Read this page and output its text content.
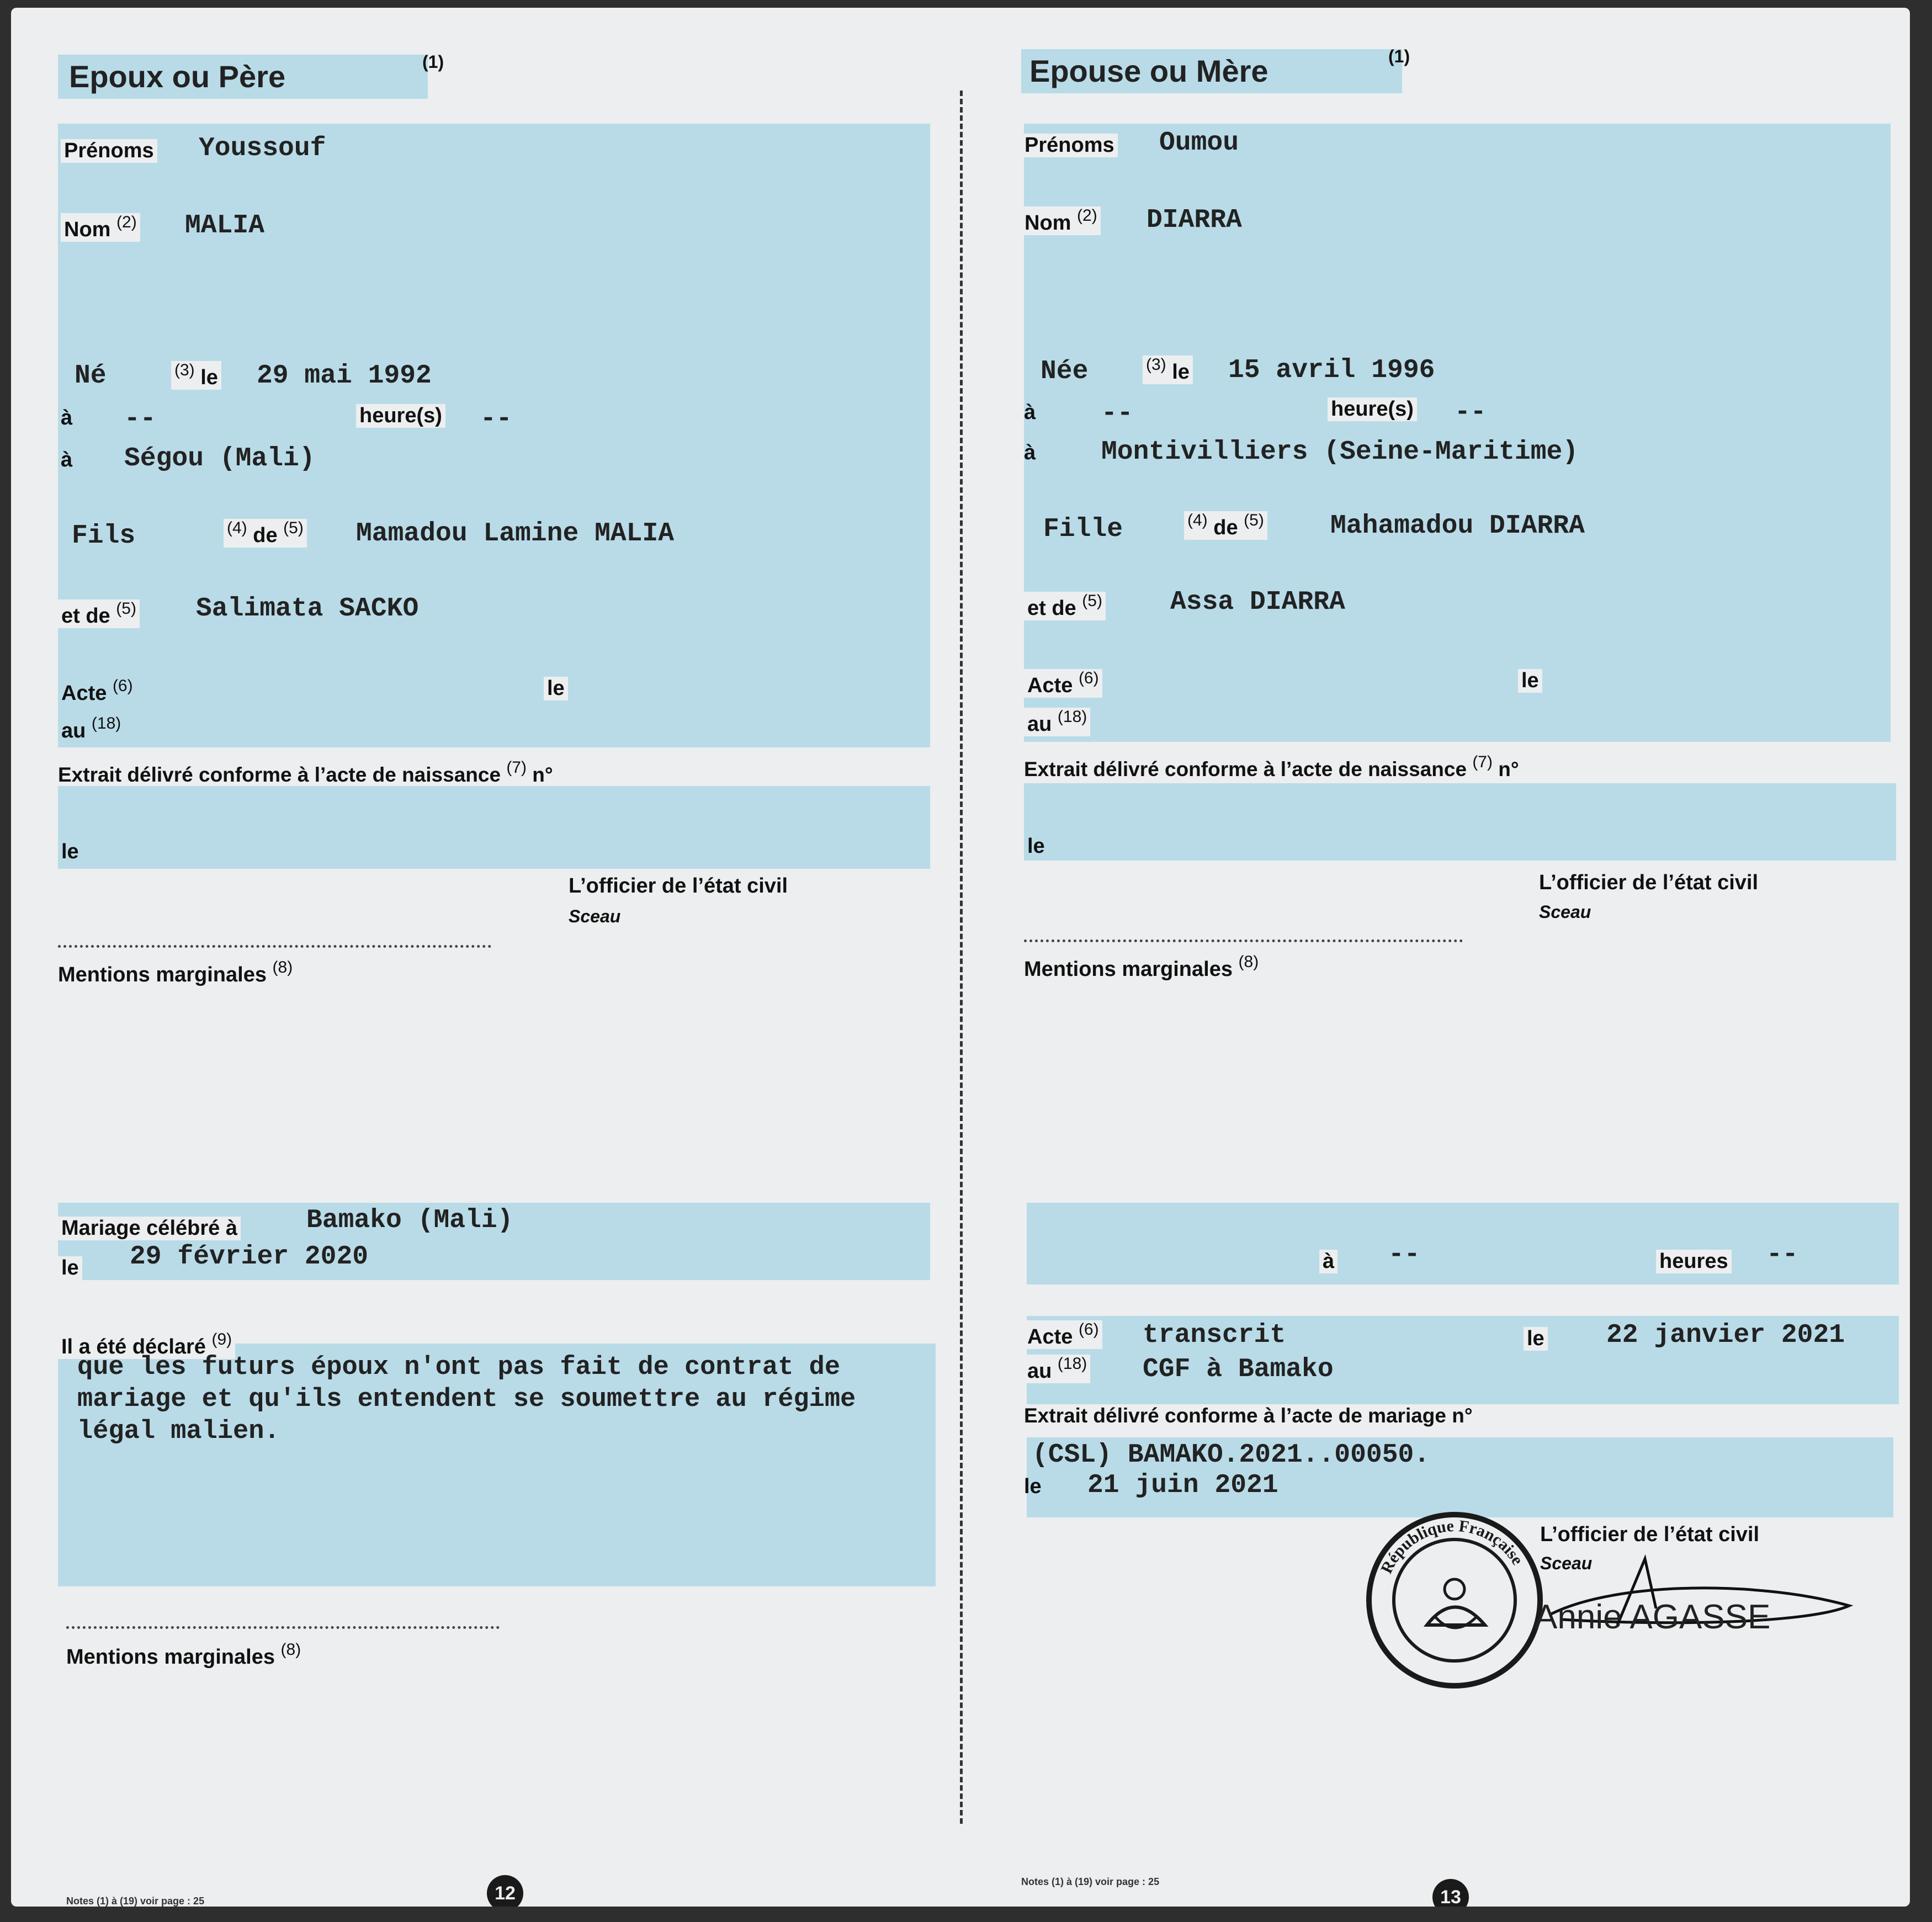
Epoux ou Père	(1)
Prénoms Youssouf
Nom $^{(2)}$ MALIA
Né	$^{(3)}$ le 29 mai 1992
à --	heure(s) --
à Ségou (Mali)
Fils	$^{(4)}$ de $^{(5)}$ Mamadou Lamine MALIA
et de $^{(5)}$ Salimata SACKO
Acte $^{(6)}$	le
au $^{(18)}$
Extrait délivré conforme à l’acte de naissance $^{(7)}$ n°
le
L’officier de l’état civil
Sceau
Mentions marginales $^{(8)}$
Mariage célébré à	Bamako (Mali)
le 29 février 2020
Il a été déclaré $^{(9)}$
que les futurs époux n'ont pas fait de contrat de
mariage et qu'ils entendent se soumettre au régime
légal malien.
Mentions marginales $^{(8)}$
Notes (1) à (19) voir page : 25	12
Epouse ou Mère	(1)
Prénoms Oumou
Nom $^{(2)}$ DIARRA
Née	$^{(3)}$ le 15 avril 1996
à --	heure(s) --
à Montivilliers (Seine-Maritime)
Fille	$^{(4)}$ de $^{(5)}$	Mahamadou DIARRA
et de $^{(5)}$	Assa DIARRA
Acte $^{(6)}$	le
au $^{(18)}$
Extrait délivré conforme à l’acte de naissance $^{(7)}$ n°
le
L’officier de l’état civil
Sceau
Mentions marginales $^{(8)}$
à --	heures --
Acte $^{(6)}$ transcrit	le 22 janvier 2021
au $^{(18)}$ CGF à Bamako
Extrait délivré conforme à l’acte de mariage n°
(CSL) BAMAKO.2021..00050.
le 21 juin 2021
L’officier de l’état civil
Sceau
République Française
Annie AGASSE
Notes (1) à (19) voir page : 25
13
